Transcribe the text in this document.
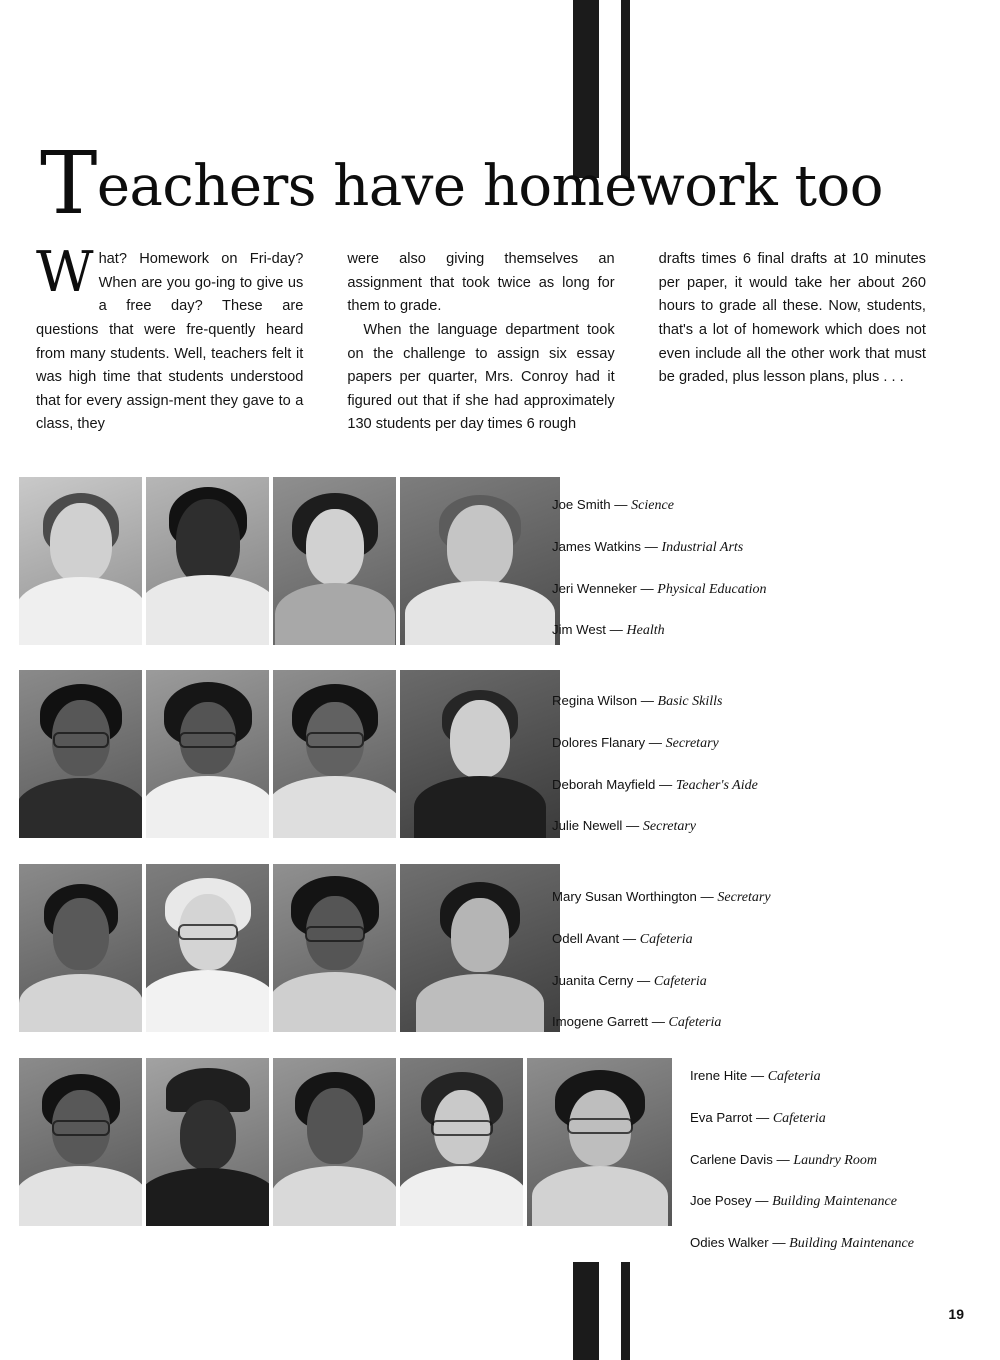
Teachers have homework too

What? Homework on Fri-day? When are you go-ing to give us a free day? These are questions that were fre-quently heard from many students. Well, teachers felt it was high time that students understood that for every assign-ment they gave to a class, they

were also giving themselves an assignment that took twice as long for them to grade.

When the language department took on the challenge to assign six essay papers per quarter, Mrs. Conroy had it figured out that if she had approximately 130 students per day times 6 rough

drafts times 6 final drafts at 10 minutes per paper, it would take her about 260 hours to grade all these. Now, students, that's a lot of homework which does not even include all the other work that must be graded, plus lesson plans, plus . . .

Joe Smith — Science
James Watkins — Industrial Arts
Jeri Wenneker — Physical Education
Jim West — Health
Regina Wilson — Basic Skills
Dolores Flanary — Secretary
Deborah Mayfield — Teacher's Aide
Julie Newell — Secretary
Mary Susan Worthington — Secretary
Odell Avant — Cafeteria
Juanita Cerny — Cafeteria
Imogene Garrett — Cafeteria
Irene Hite — Cafeteria
Eva Parrot — Cafeteria
Carlene Davis — Laundry Room
Joe Posey — Building Maintenance
Odies Walker — Building Maintenance
19
